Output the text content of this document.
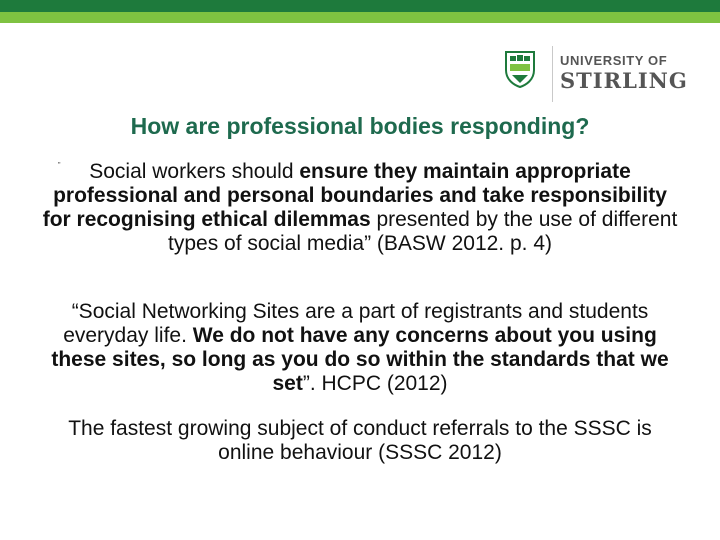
UNIVERSITY OF
STIRLING
How are professional bodies responding?
"	Social workers should ensure they maintain appropriate professional and personal boundaries and take responsibility for recognising ethical dilemmas presented by the use of different types of social media” (BASW 2012. p. 4)
“Social Networking Sites are a part of registrants and students everyday life. We do not have any concerns about you using these sites, so long as you do so within the standards that we set”. HCPC (2012)
The fastest growing subject of conduct referrals to the SSSC is online behaviour (SSSC 2012)
